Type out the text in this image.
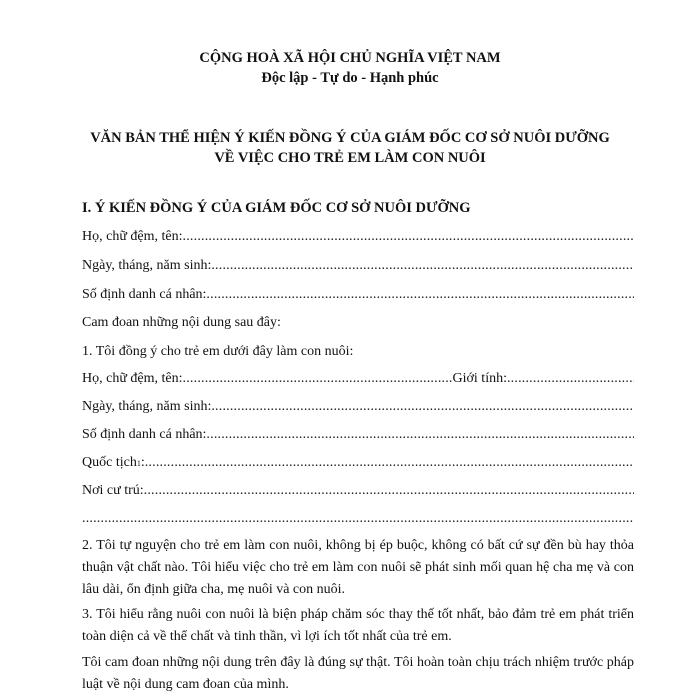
CỘNG HOÀ XÃ HỘI CHỦ NGHĨA VIỆT NAM
Độc lập - Tự do - Hạnh phúc
VĂN BẢN THỂ HIỆN Ý KIẾN ĐỒNG Ý CỦA GIÁM ĐỐC CƠ SỞ NUÔI DƯỠNG
VỀ VIỆC CHO TRẺ EM LÀM CON NUÔI
I. Ý KIẾN ĐỒNG Ý CỦA GIÁM ĐỐC CƠ SỞ NUÔI DƯỠNG
Họ, chữ đệm, tên:
.....
Ngày, tháng, năm sinh:
.....
Số định danh cá nhân:
.....
Cam đoan những nội dung sau đây:
1. Tôi đồng ý cho trẻ em dưới đây làm con nuôi:
Họ, chữ đệm, tên:
.....	Giới tính:
.....
Ngày, tháng, năm sinh:
.....
Số định danh cá nhân:
.....
Quốc tịch 1 :
.....
Nơi cư trú:
.....
.....
2. Tôi tự nguyện cho trẻ em làm con nuôi, không bị ép buộc, không có bất cứ sự đền bù hay thỏa thuận vật chất nào. Tôi hiểu việc cho trẻ em làm con nuôi sẽ phát sinh mối quan hệ cha mẹ và con lâu dài, ổn định giữa cha, mẹ nuôi và con nuôi.
3. Tôi hiểu rằng nuôi con nuôi là biện pháp chăm sóc thay thế tốt nhất, bảo đảm trẻ em phát triển toàn diện cả về thể chất và tinh thần, vì lợi ích tốt nhất của trẻ em.
Tôi cam đoan những nội dung trên đây là đúng sự thật. Tôi hoàn toàn chịu trách nhiệm trước pháp luật về nội dung cam đoan của mình.
